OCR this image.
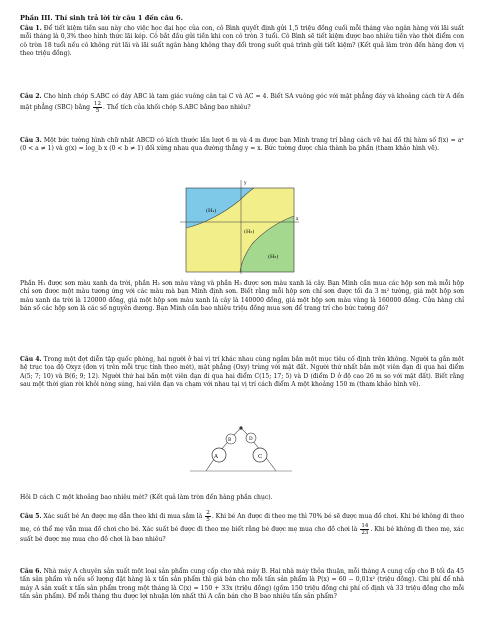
Phần III. Thí sinh trả lời từ câu 1 đến câu 6.
Câu 1. Để tiết kiệm tiền sau này cho việc học đại học của con, cô Bình quyết định gửi 1,5 triệu đồng cuối mỗi tháng vào ngân hàng với lãi suất mỗi tháng là 0,3% theo hình thức lãi kép. Cô bắt đầu gửi tiền khi con cô tròn 3 tuổi. Cô Bình sẽ tiết kiệm được bao nhiêu tiền vào thời điểm con cô tròn 18 tuổi nếu cô không rút lãi và lãi suất ngân hàng không thay đổi trong suốt quá trình gửi tiết kiệm? (Kết quả làm tròn đến hàng đơn vị theo triệu đồng).
Câu 2. Cho hình chóp S.ABC có đáy ABC là tam giác vuông cân tại C và AC = 4. Biết SA vuông góc với mặt phẳng đáy và khoảng cách từ A đến mặt phẳng (SBC) bằng $\frac{12}{5}$ . Thể tích của khối chóp S.ABC bằng bao nhiêu?
Câu 3. Một bức tường hình chữ nhật ABCD có kích thước lần lượt 6 m và 4 m được bạn Minh trang trí bằng cách vẽ hai đồ thị hàm số f(x) = aˣ (0 < a ≠ 1) và g(x) = log_b x (0 < b ≠ 1) đối xứng nhau qua đường thẳng y = x. Bức tường được chia thành ba phần (tham khảo hình vẽ).
y
x
(H₁)
(H₂)
(H₃)
Phần H₁ được sơn màu xanh da trời, phần H₂ sơn màu vàng và phần H₃ được sơn màu xanh lá cây. Bạn Minh cần mua các hộp sơn mà mỗi hộp chỉ sơn được một màu tương ứng với các màu mà bạn Minh định sơn. Biết rằng mỗi hộp sơn chỉ sơn được tối đa 3 m² tường, giá một hộp sơn màu xanh da trời là 120000 đồng, giá một hộp sơn màu xanh lá cây là 140000 đồng, giá một hộp sơn màu vàng là 160000 đồng. Cửa hàng chỉ bán số các hộp sơn là các số nguyên dương. Bạn Minh cần bao nhiêu triệu đồng mua sơn để trang trí cho bức tường đó?
Câu 4. Trong một đợt diễn tập quốc phòng, hai người ở hai vị trí khác nhau cùng ngắm bắn một mục tiêu cố định trên không. Người ta gắn một hệ trục tọa độ Oxyz (đơn vị trên mỗi trục tính theo mét), mặt phẳng (Oxy) trùng với mặt đất. Người thứ nhất bắn một viên đạn đi qua hai điểm A(5; 7; 10) và B(6; 9; 12). Người thứ hai bắn một viên đạn đi qua hai điểm C(15; 17; 5) và D (điểm D ở độ cao 26 m so với mặt đất). Biết rằng sau một thời gian rời khỏi nòng súng, hai viên đạn va chạm với nhau tại vị trí cách điểm A một khoảng 150 m (tham khảo hình vẽ).
A
B
C
D
Hỏi D cách C một khoảng bao nhiêu mét? (Kết quả làm tròn đến hàng phần chục).
Câu 5. Xác suất bé An được mẹ dẫn theo khi đi mua sắm là $\frac{2}{5}$ . Khi bé An được đi theo mẹ thì 70% bé sẽ được mua đồ chơi. Khi bé không đi theo mẹ, có thể mẹ vẫn mua đồ chơi cho bé. Xác suất bé được đi theo mẹ biết rằng bé được mẹ mua cho đồ chơi là $\frac{14}{23}$ . Khi bé không đi theo mẹ, xác suất bé được mẹ mua cho đồ chơi là bao nhiêu?
Câu 6. Nhà máy A chuyên sản xuất một loại sản phẩm cung cấp cho nhà máy B. Hai nhà máy thỏa thuận, mỗi tháng A cung cấp cho B tối đa 45 tấn sản phẩm và nếu số lượng đặt hàng là x tấn sản phẩm thì giá bán cho mỗi tấn sản phẩm là P(x) = 60 − 0,01x² (triệu đồng). Chi phí để nhà máy A sản xuất x tấn sản phẩm trong một tháng là C(x) = 150 + 33x (triệu đồng) (gồm 150 triệu đồng chi phí cố định và 33 triệu đồng cho mỗi tấn sản phẩm). Để mỗi tháng thu được lợi nhuận lớn nhất thì A cần bán cho B bao nhiêu tấn sản phẩm?
